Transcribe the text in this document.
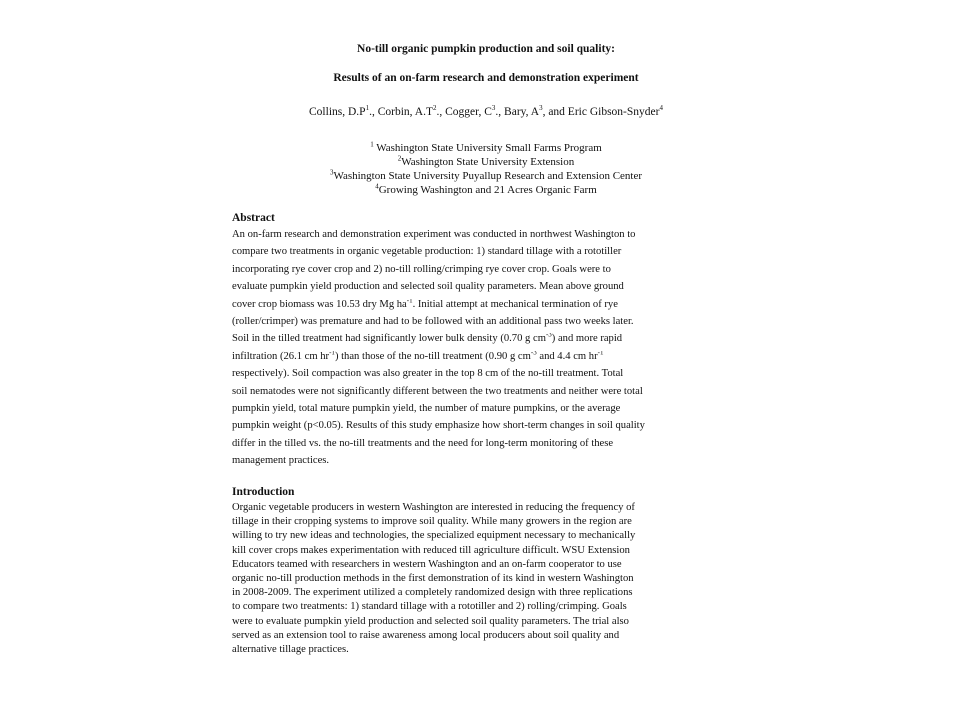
No-till organic pumpkin production and soil quality:
Results of an on-farm research and demonstration experiment
Collins, $D.P^1$., Corbin, $A.T^2$., Cogger, $C^3$., Bary, $A^3$, and Eric Gibson-Snyder$^4$
$^1$ Washington State University Small Farms Program
$^2$Washington State University Extension
$^3$Washington State University Puyallup Research and Extension Center
$^4$Growing Washington and 21 Acres Organic Farm
Abstract
An on-farm research and demonstration experiment was conducted in northwest Washington to
compare two treatments in organic vegetable production: 1) standard tillage with a rototiller
incorporating rye cover crop and 2) no-till rolling/crimping rye cover crop. Goals were to
evaluate pumpkin yield production and selected soil quality parameters. Mean above ground
cover crop biomass was 10.53 dry Mg $ha^{-1}$. Initial attempt at mechanical termination of rye
(roller/crimper) was premature and had to be followed with an additional pass two weeks later.
Soil in the tilled treatment had significantly lower bulk density (0.70 g $cm^{-3}$) and more rapid
infiltration (26.1 cm $hr^{-1}$) than those of the no-till treatment (0.90 g $cm^{-3}$ and 4.4 cm $hr^{-1}$
respectively). Soil compaction was also greater in the top 8 cm of the no-till treatment. Total
soil nematodes were not significantly different between the two treatments and neither were total
pumpkin yield, total mature pumpkin yield, the number of mature pumpkins, or the average
pumpkin weight (p<0.05). Results of this study emphasize how short-term changes in soil quality
differ in the tilled vs. the no-till treatments and the need for long-term monitoring of these
management practices.
Introduction
Organic vegetable producers in western Washington are interested in reducing the frequency of
tillage in their cropping systems to improve soil quality. While many growers in the region are
willing to try new ideas and technologies, the specialized equipment necessary to mechanically
kill cover crops makes experimentation with reduced till agriculture difficult. WSU Extension
Educators teamed with researchers in western Washington and an on-farm cooperator to use
organic no-till production methods in the first demonstration of its kind in western Washington
in 2008-2009. The experiment utilized a completely randomized design with three replications
to compare two treatments: 1) standard tillage with a rototiller and 2) rolling/crimping. Goals
were to evaluate pumpkin yield production and selected soil quality parameters. The trial also
served as an extension tool to raise awareness among local producers about soil quality and
alternative tillage practices.
